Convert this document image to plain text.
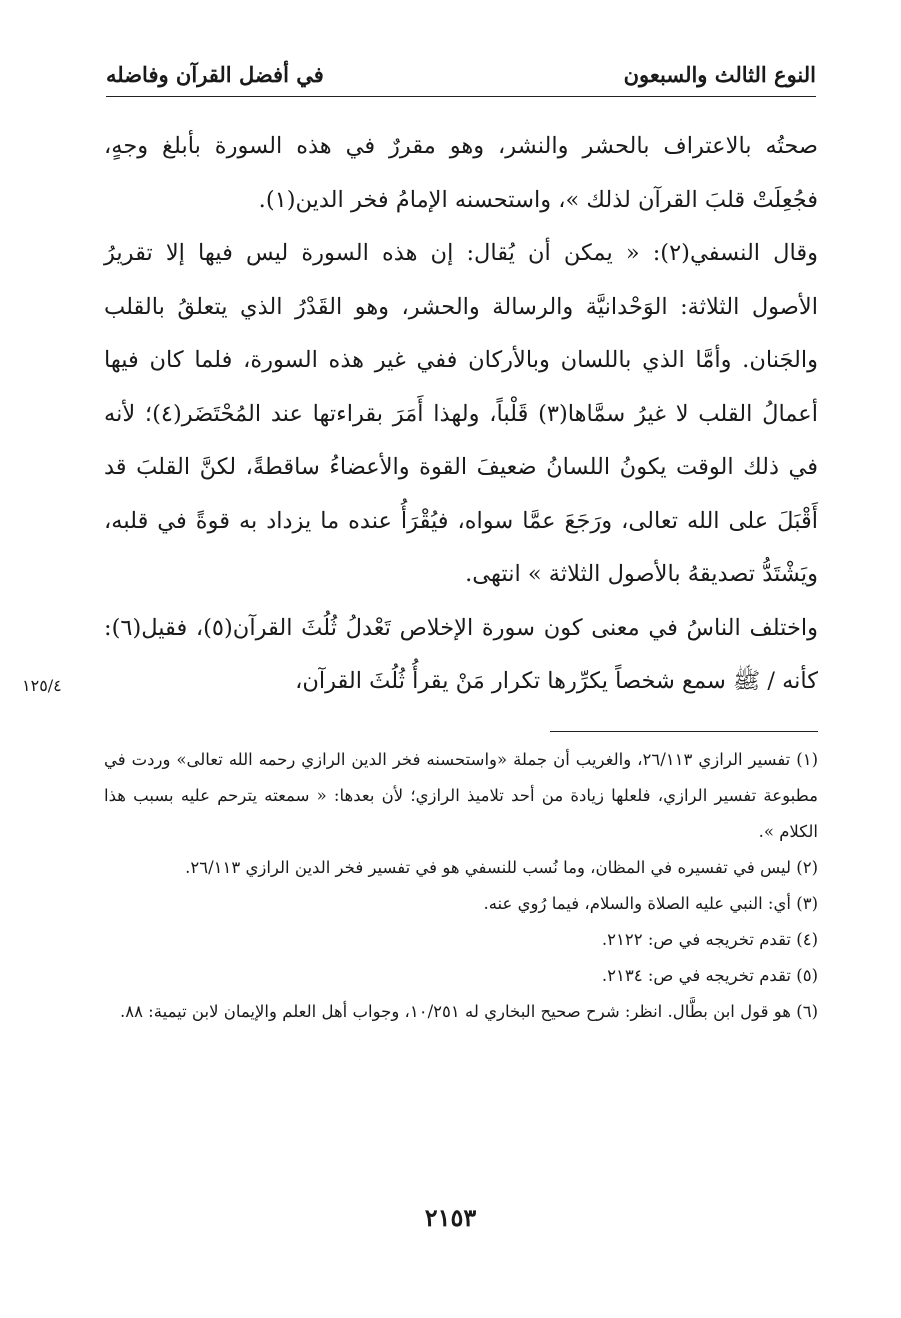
النوع الثالث والسبعون
في أفضل القرآن وفاضله

صحتُه بالاعتراف بالحشر والنشر، وهو مقررٌ في هذه السورة بأبلغ وجهٍ، فجُعِلَتْ قلبَ القرآن لذلك »، واستحسنه الإمامُ فخر الدين(١).

وقال النسفي(٢): « يمكن أن يُقال: إن هذه السورة ليس فيها إلا تقريرُ الأصول الثلاثة: الوَحْدانيَّة والرسالة والحشر، وهو القَدْرُ الذي يتعلقُ بالقلب والجَنان. وأمَّا الذي باللسان وبالأركان ففي غير هذه السورة، فلما كان فيها أعمالُ القلب لا غيرُ سمَّاها(٣) قَلْباً، ولهذا أَمَرَ بقراءتها عند المُحْتَضَر(٤)؛ لأنه في ذلك الوقت يكونُ اللسانُ ضعيفَ القوة والأعضاءُ ساقطةً، لكنَّ القلبَ قد أَقْبَلَ على الله تعالى، ورَجَعَ عمَّا سواه، فيُقْرَأُ عنده ما يزداد به قوةً في قلبه، ويَشْتَدُّ تصديقهُ بالأصول الثلاثة » انتهى.

واختلف الناسُ في معنى كون سورة الإخلاص تَعْدلُ ثُلُثَ القرآن(٥)، فقيل(٦): كأنه / ﷺ سمع شخصاً يكرِّرها تكرار مَنْ يقرأُ ثُلُثَ القرآن،

١٢٥/٤

(١) تفسير الرازي ٢٦/١١٣، والغريب أن جملة «واستحسنه فخر الدين الرازي رحمه الله تعالى» وردت في مطبوعة تفسير الرازي، فلعلها زيادة من أحد تلاميذ الرازي؛ لأن بعدها: « سمعته يترحم عليه بسبب هذا الكلام ».

(٢) ليس في تفسيره في المظان، وما نُسب للنسفي هو في تفسير فخر الدين الرازي ٢٦/١١٣.

(٣) أي: النبي عليه الصلاة والسلام، فيما رُوي عنه.

(٤) تقدم تخريجه في ص: ٢١٢٢.

(٥) تقدم تخريجه في ص: ٢١٣٤.

(٦) هو قول ابن بطَّال. انظر: شرح صحيح البخاري له ١٠/٢٥١، وجواب أهل العلم والإيمان لابن تيمية: ٨٨.

٢١٥٣
